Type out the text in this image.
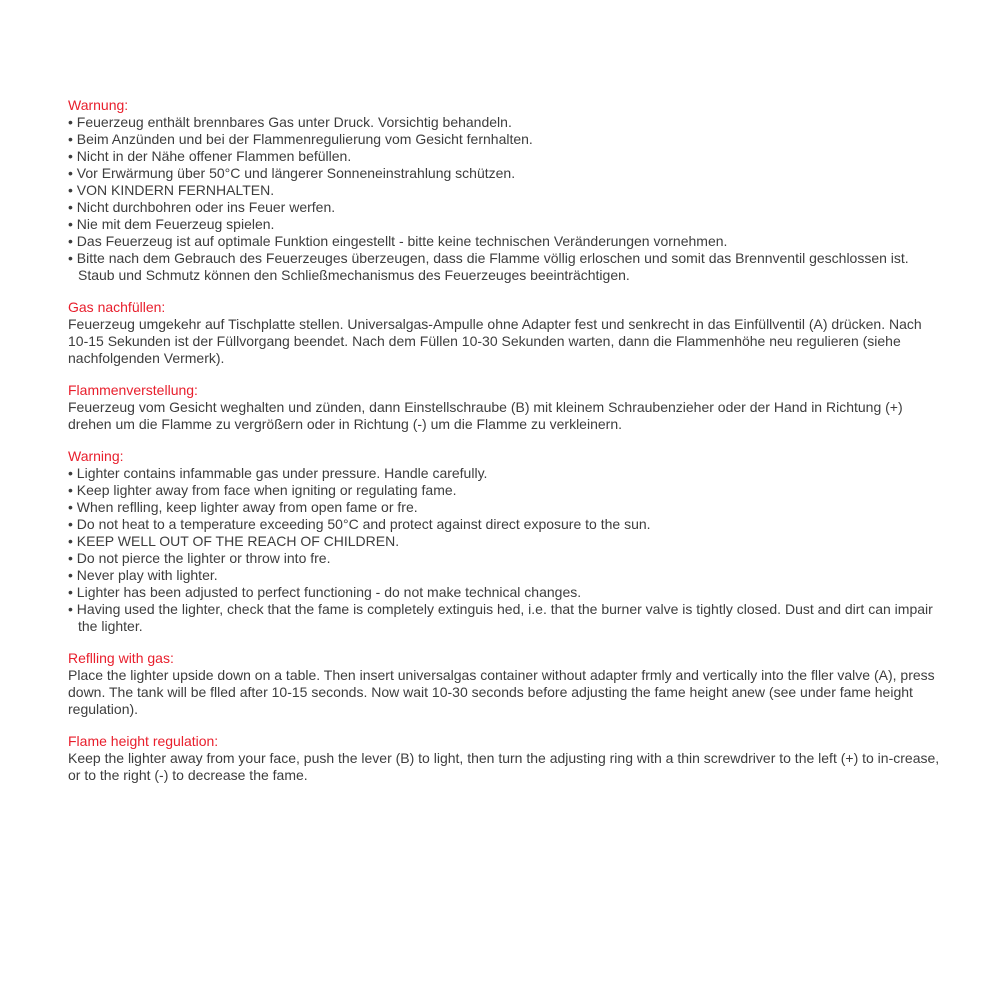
Warnung:
• Feuerzeug enthält brennbares Gas unter Druck. Vorsichtig behandeln.
• Beim Anzünden und bei der Flammenregulierung vom Gesicht fernhalten.
• Nicht in der Nähe offener Flammen befüllen.
• Vor Erwärmung über 50°C und längerer Sonneneinstrahlung schützen.
• VON KINDERN FERNHALTEN.
• Nicht durchbohren oder ins Feuer werfen.
• Nie mit dem Feuerzeug spielen.
• Das Feuerzeug ist auf optimale Funktion eingestellt - bitte keine technischen Veränderungen vornehmen.
• Bitte nach dem Gebrauch des Feuerzeuges überzeugen, dass die Flamme völlig erloschen und somit das Brennventil geschlossen ist. Staub und Schmutz können den Schließmechanismus des Feuerzeuges beeinträchtigen.
Gas nachfüllen:

Feuerzeug umgekehr auf Tischplatte stellen. Universalgas-Ampulle ohne Adapter fest und senkrecht in das Einfüllventil (A) drücken. Nach 10-15 Sekunden ist der Füllvorgang beendet. Nach dem Füllen 10-30 Sekunden warten, dann die Flammenhöhe neu regulieren (siehe nachfolgenden Vermerk).

Flammenverstellung:

Feuerzeug vom Gesicht weghalten und zünden, dann Einstellschraube (B) mit kleinem Schraubenzieher oder der Hand in Richtung (+) drehen um die Flamme zu vergrößern oder in Richtung (-) um die Flamme zu verkleinern.

Warning:
• Lighter contains infammable gas under pressure. Handle carefully.
• Keep lighter away from face when igniting or regulating fame.
• When reflling, keep lighter away from open fame or fre.
• Do not heat to a temperature exceeding 50°C and protect against direct exposure to the sun.
• KEEP WELL OUT OF THE REACH OF CHILDREN.
• Do not pierce the lighter or throw into fre.
• Never play with lighter.
• Lighter has been adjusted to perfect functioning - do not make technical changes.
• Having used the lighter, check that the fame is completely extinguis hed, i.e. that the burner valve is tightly closed. Dust and dirt can impair the lighter.
Reflling with gas:

Place the lighter upside down on a table. Then insert universalgas container without adapter frmly and vertically into the fller valve (A), press down. The tank will be flled after 10-15 seconds. Now wait 10-30 seconds before adjusting the fame height anew (see under fame height regulation).

Flame height regulation:

Keep the lighter away from your face, push the lever (B) to light, then turn the adjusting ring with a thin screwdriver to the left (+) to in-crease, or to the right (-) to decrease the fame.
